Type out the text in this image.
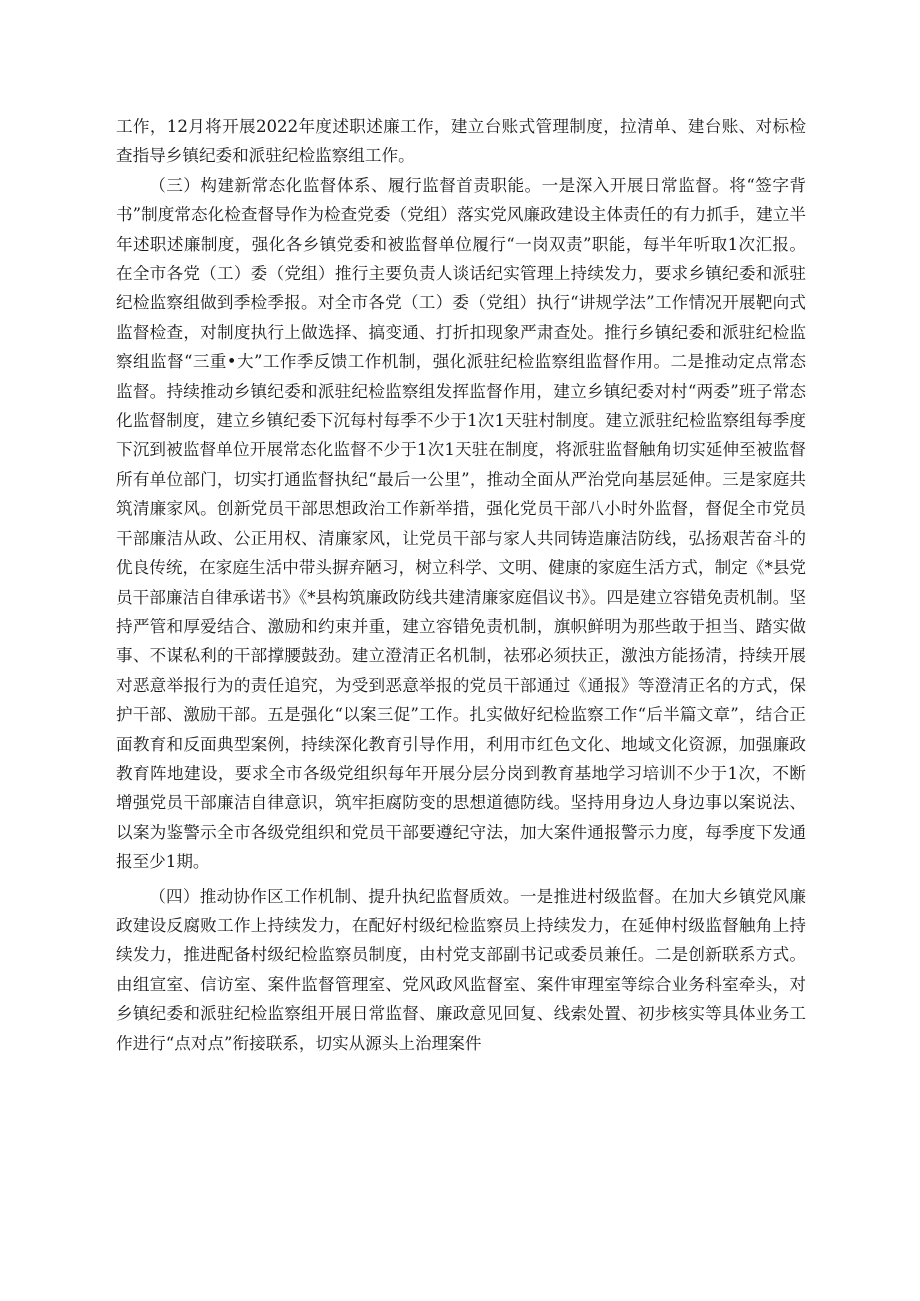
工作，12月将开展2022年度述职述廉工作，建立台账式管理制度，拉清单、建台账、对标检查指导乡镇纪委和派驻纪检监察组工作。

（三）构建新常态化监督体系、履行监督首责职能。一是深入开展日常监督。将“签字背书”制度常态化检查督导作为检查党委（党组）落实党风廉政建设主体责任的有力抓手，建立半年述职述廉制度，强化各乡镇党委和被监督单位履行“一岗双责”职能，每半年听取1次汇报。在全市各党（工）委（党组）推行主要负责人谈话纪实管理上持续发力，要求乡镇纪委和派驻纪检监察组做到季检季报。对全市各党（工）委（党组）执行“讲规学法”工作情况开展靶向式监督检查，对制度执行上做选择、搞变通、打折扣现象严肃查处。推行乡镇纪委和派驻纪检监察组监督“三重•大”工作季反馈工作机制，强化派驻纪检监察组监督作用。二是推动定点常态监督。持续推动乡镇纪委和派驻纪检监察组发挥监督作用，建立乡镇纪委对村“两委”班子常态化监督制度，建立乡镇纪委下沉每村每季不少于1次1天驻村制度。建立派驻纪检监察组每季度下沉到被监督单位开展常态化监督不少于1次1天驻在制度，将派驻监督触角切实延伸至被监督所有单位部门，切实打通监督执纪“最后一公里”，推动全面从严治党向基层延伸。三是家庭共筑清廉家风。创新党员干部思想政治工作新举措，强化党员干部八小时外监督，督促全市党员干部廉洁从政、公正用权、清廉家风，让党员干部与家人共同铸造廉洁防线，弘扬艰苦奋斗的优良传统，在家庭生活中带头摒弃陋习，树立科学、文明、健康的家庭生活方式，制定《*县党员干部廉洁自律承诺书》《*县构筑廉政防线共建清廉家庭倡议书》。四是建立容错免责机制。坚持严管和厚爱结合、激励和约束并重，建立容错免责机制，旗帜鲜明为那些敢于担当、踏实做事、不谋私利的干部撑腰鼓劲。建立澄清正名机制，祛邪必须扶正，激浊方能扬清，持续开展对恶意举报行为的责任追究，为受到恶意举报的党员干部通过《通报》等澄清正名的方式，保护干部、激励干部。五是强化“以案三促”工作。扎实做好纪检监察工作“后半篇文章”，结合正面教育和反面典型案例，持续深化教育引导作用，利用市红色文化、地域文化资源，加强廉政教育阵地建设，要求全市各级党组织每年开展分层分岗到教育基地学习培训不少于1次，不断增强党员干部廉洁自律意识，筑牢拒腐防变的思想道德防线。坚持用身边人身边事以案说法、以案为鉴警示全市各级党组织和党员干部要遵纪守法，加大案件通报警示力度，每季度下发通报至少1期。

（四）推动协作区工作机制、提升执纪监督质效。一是推进村级监督。在加大乡镇党风廉政建设反腐败工作上持续发力，在配好村级纪检监察员上持续发力，在延伸村级监督触角上持续发力，推进配备村级纪检监察员制度，由村党支部副书记或委员兼任。二是创新联系方式。由组宣室、信访室、案件监督管理室、党风政风监督室、案件审理室等综合业务科室牵头，对乡镇纪委和派驻纪检监察组开展日常监督、廉政意见回复、线索处置、初步核实等具体业务工作进行“点对点”衔接联系，切实从源头上治理案件
